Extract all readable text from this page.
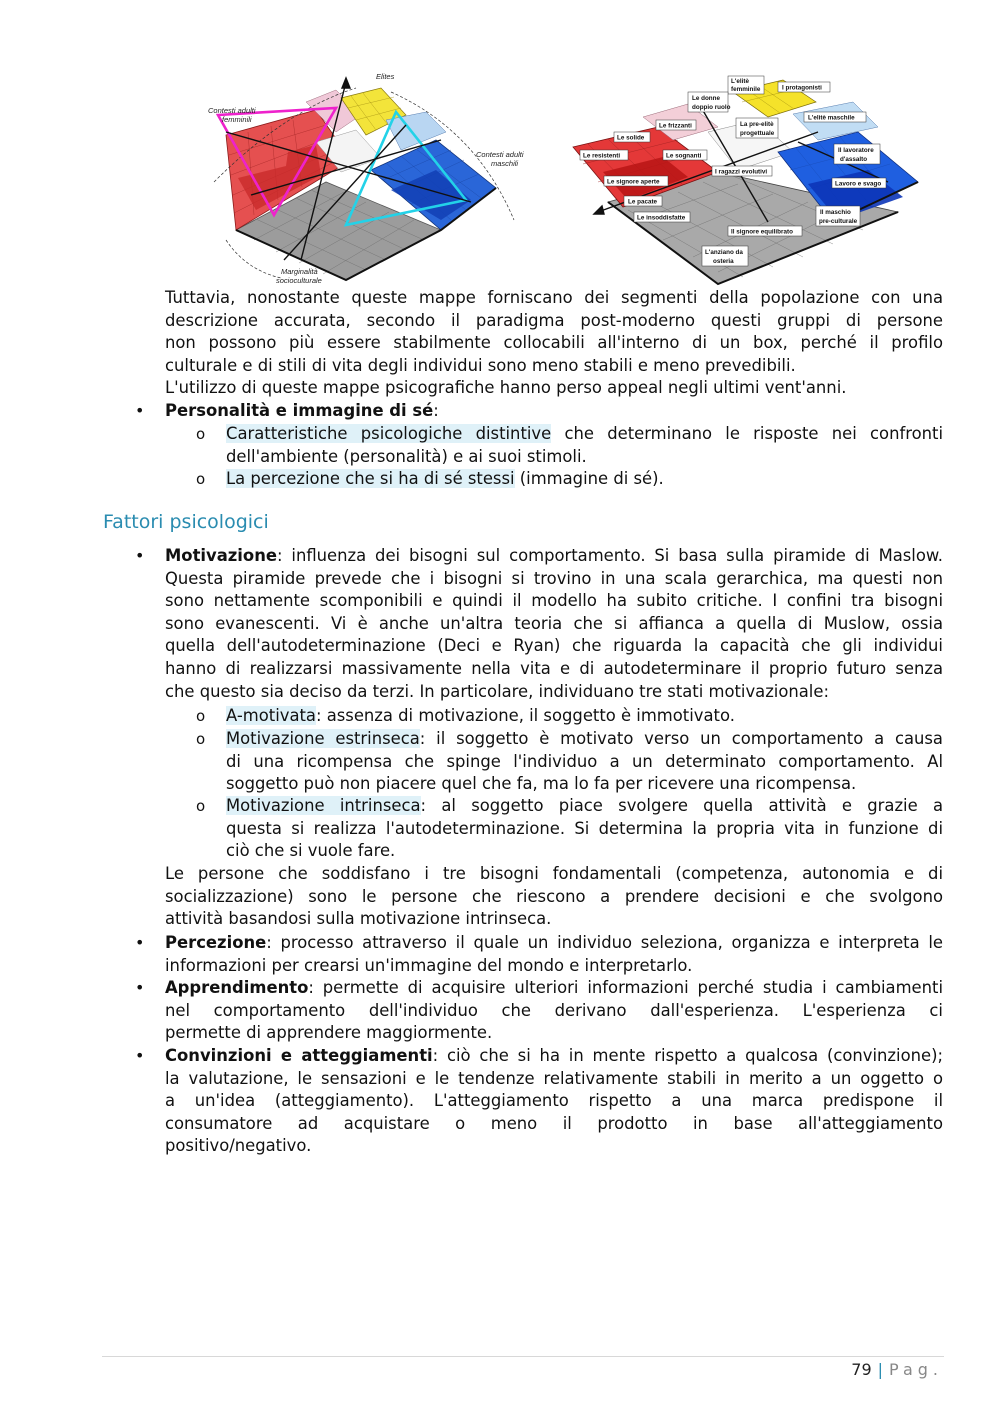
Elites
Contesti adulti
femminili
Contesti adulti
maschili
Marginalità
socioculturale
L'elitè
femminile	I protagonisti
Le donne
doppio ruolo
Le frizzanti	La pre-elitè
progettuale
L'elitè maschile
Le solide
Le resistenti	Le sognanti
Il lavoratore
d'assalto
I ragazzi evolutivi
Le signore aperte	Lavoro e svago
Le pacate
Le insoddisfatte
Il maschio
pre-culturale
Il signore equilibrato
L'anziano da
osteria
Tuttavia, nonostante queste mappe forniscano dei segmenti della popolazione con una
descrizione accurata, secondo il paradigma post-moderno questi gruppi di persone
non possono più essere stabilmente collocabili all'interno di un box, perché il profilo
culturale e di stili di vita degli individui sono meno stabili e meno prevedibili.
L'utilizzo di queste mappe psicografiche hanno perso appeal negli ultimi vent'anni.
• Personalità e immagine di sé:
o Caratteristiche psicologiche distintive che determinano le risposte nei confronti
dell'ambiente (personalità) e ai suoi stimoli.
o La percezione che si ha di sé stessi (immagine di sé).
Fattori psicologici
• Motivazione: influenza dei bisogni sul comportamento. Si basa sulla piramide di Maslow.
Questa piramide prevede che i bisogni si trovino in una scala gerarchica, ma questi non
sono nettamente scomponibili e quindi il modello ha subito critiche. I confini tra bisogni
sono evanescenti. Vi è anche un'altra teoria che si affianca a quella di Muslow, ossia
quella dell'autodeterminazione (Deci e Ryan) che riguarda la capacità che gli individui
hanno di realizzarsi massivamente nella vita e di autodeterminare il proprio futuro senza
che questo sia deciso da terzi. In particolare, individuano tre stati motivazionale:
o A-motivata: assenza di motivazione, il soggetto è immotivato.
o Motivazione estrinseca: il soggetto è motivato verso un comportamento a causa
di una ricompensa che spinge l'individuo a un determinato comportamento. Al
soggetto può non piacere quel che fa, ma lo fa per ricevere una ricompensa.
o Motivazione intrinseca: al soggetto piace svolgere quella attività e grazie a
questa si realizza l'autodeterminazione. Si determina la propria vita in funzione di
ciò che si vuole fare.
Le persone che soddisfano i tre bisogni fondamentali (competenza, autonomia e di
socializzazione) sono le persone che riescono a prendere decisioni e che svolgono
attività basandosi sulla motivazione intrinseca.
• Percezione: processo attraverso il quale un individuo seleziona, organizza e interpreta le
informazioni per crearsi un'immagine del mondo e interpretarlo.
• Apprendimento: permette di acquisire ulteriori informazioni perché studia i cambiamenti
nel comportamento dell'individuo che derivano dall'esperienza. L'esperienza ci
permette di apprendere maggiormente.
• Convinzioni e atteggiamenti: ciò che si ha in mente rispetto a qualcosa (convinzione);
la valutazione, le sensazioni e le tendenze relativamente stabili in merito a un oggetto o
a un'idea (atteggiamento). L'atteggiamento rispetto a una marca predispone il
consumatore ad acquistare o meno il prodotto in base all'atteggiamento
positivo/negativo.
79 | Pag.
